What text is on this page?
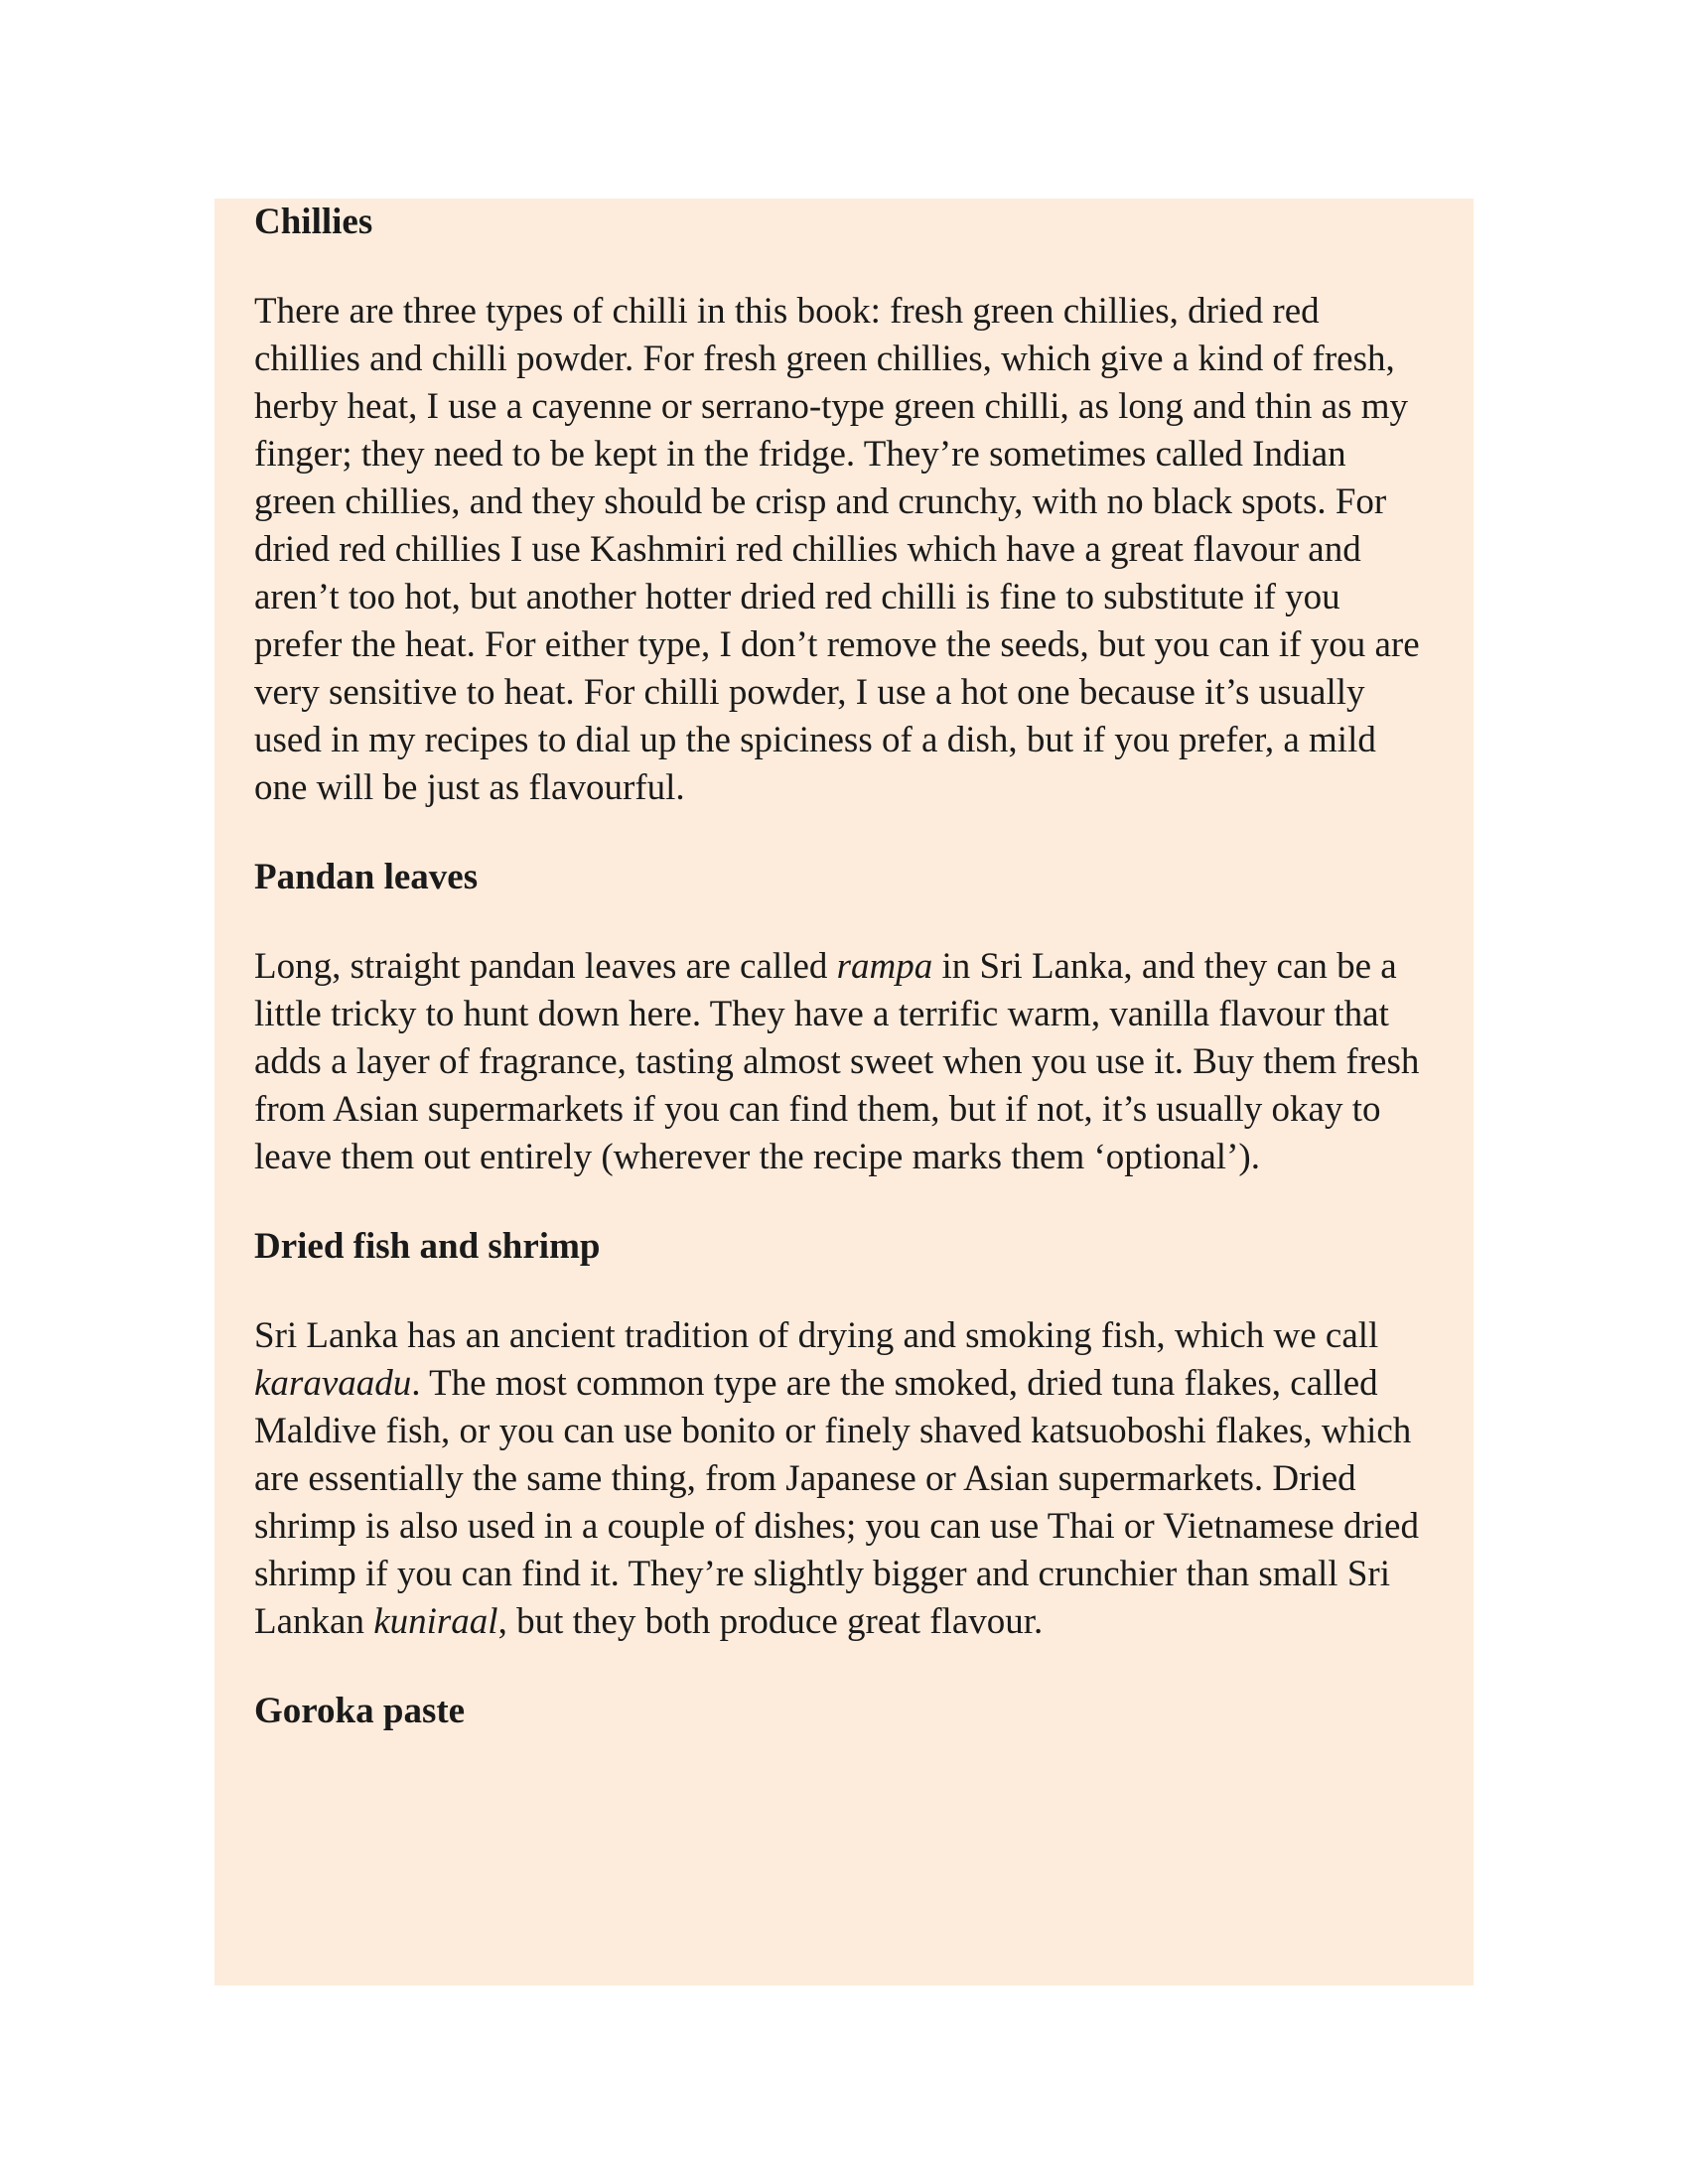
Chillies

There are three types of chilli in this book: fresh green chillies, dried red chillies and chilli powder. For fresh green chillies, which give a kind of fresh, herby heat, I use a cayenne or serrano-type green chilli, as long and thin as my finger; they need to be kept in the fridge. They’re sometimes called Indian green chillies, and they should be crisp and crunchy, with no black spots. For dried red chillies I use Kashmiri red chillies which have a great flavour and aren’t too hot, but another hotter dried red chilli is fine to substitute if you prefer the heat. For either type, I don’t remove the seeds, but you can if you are very sensitive to heat. For chilli powder, I use a hot one because it’s usually used in my recipes to dial up the spiciness of a dish, but if you prefer, a mild one will be just as flavourful.

Pandan leaves

Long, straight pandan leaves are called rampa in Sri Lanka, and they can be a little tricky to hunt down here. They have a terrific warm, vanilla flavour that adds a layer of fragrance, tasting almost sweet when you use it. Buy them fresh from Asian supermarkets if you can find them, but if not, it’s usually okay to leave them out entirely (wherever the recipe marks them ‘optional’).

Dried fish and shrimp

Sri Lanka has an ancient tradition of drying and smoking fish, which we call karavaadu. The most common type are the smoked, dried tuna flakes, called Maldive fish, or you can use bonito or finely shaved katsuoboshi flakes, which are essentially the same thing, from Japanese or Asian supermarkets. Dried shrimp is also used in a couple of dishes; you can use Thai or Vietnamese dried shrimp if you can find it. They’re slightly bigger and crunchier than small Sri Lankan kuniraal, but they both produce great flavour.

Goroka paste
